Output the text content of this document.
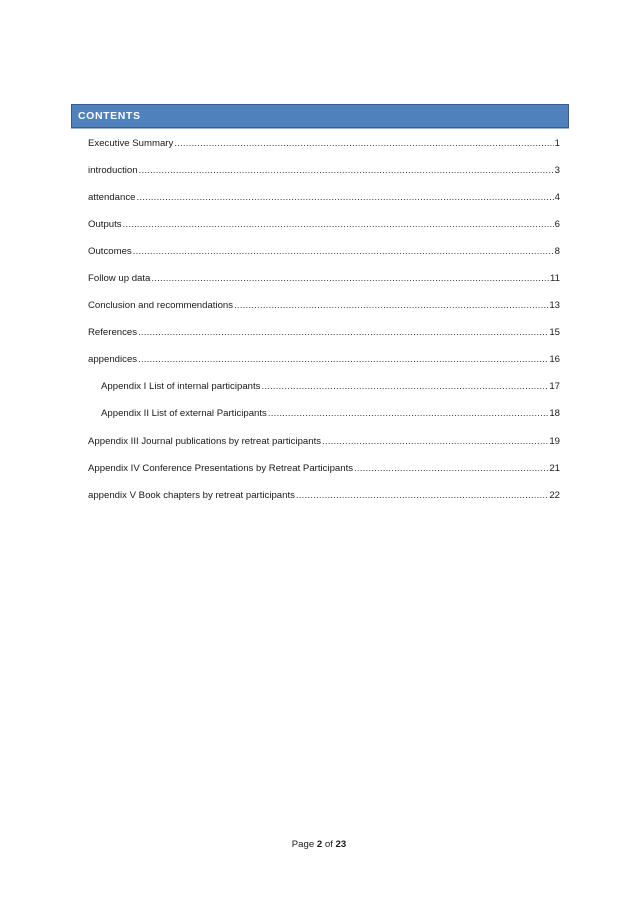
CONTENTS
Executive Summary .....	1
introduction .....	3
attendance .....	4
Outputs .....	6
Outcomes .....	8
Follow up data .....	11
Conclusion and recommendations .....	13
References .....	15
appendices .....	16
Appendix I List of internal participants .....	17
Appendix II List of external Participants .....	18
Appendix III Journal publications by retreat participants .....	19
Appendix IV Conference Presentations by Retreat Participants .....	21
appendix V Book chapters by retreat participants .....	22
Page 2 of 23
